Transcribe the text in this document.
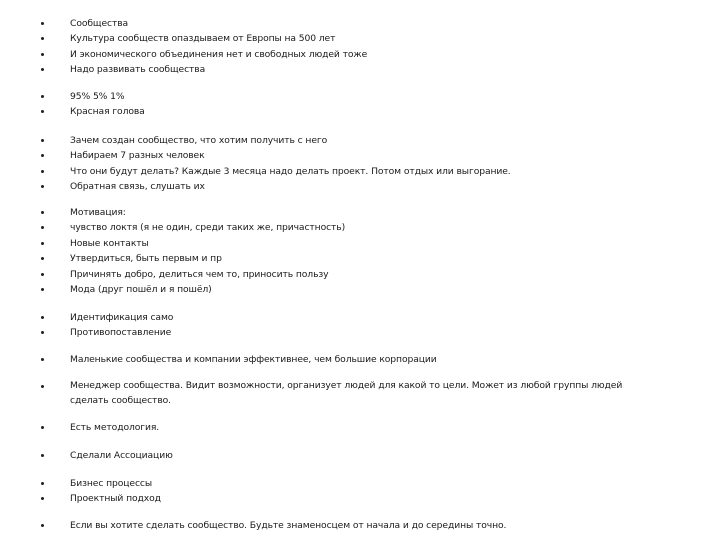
Сообщества
Культура сообществ опаздываем от Европы на 500 лет
И экономического объединения нет и свободных людей тоже
Надо развивать сообщества
95% 5% 1%
Красная голова
Зачем создан сообщество, что хотим получить с него
Набираем 7 разных человек
Что они будут делать? Каждые 3 месяца надо делать проект. Потом отдых или выгорание.
Обратная связь, слушать их
Мотивация:
чувство локтя (я не один, среди таких же, причастность)
Новые контакты
Утвердиться, быть первым и пр
Причинять добро, делиться чем то, приносить пользу
Мода (друг пошёл и я пошёл)
Идентификация само
Противопоставление
Маленькие сообщества и компании эффективнее, чем большие корпорации
Менеджер сообщества. Видит возможности, организует людей для какой то цели. Может из любой группы людей сделать сообщество.
Есть методология.
Сделали Ассоциацию
Бизнес процессы
Проектный подход
Если вы хотите сделать сообщество. Будьте знаменосцем от начала и до середины точно.
